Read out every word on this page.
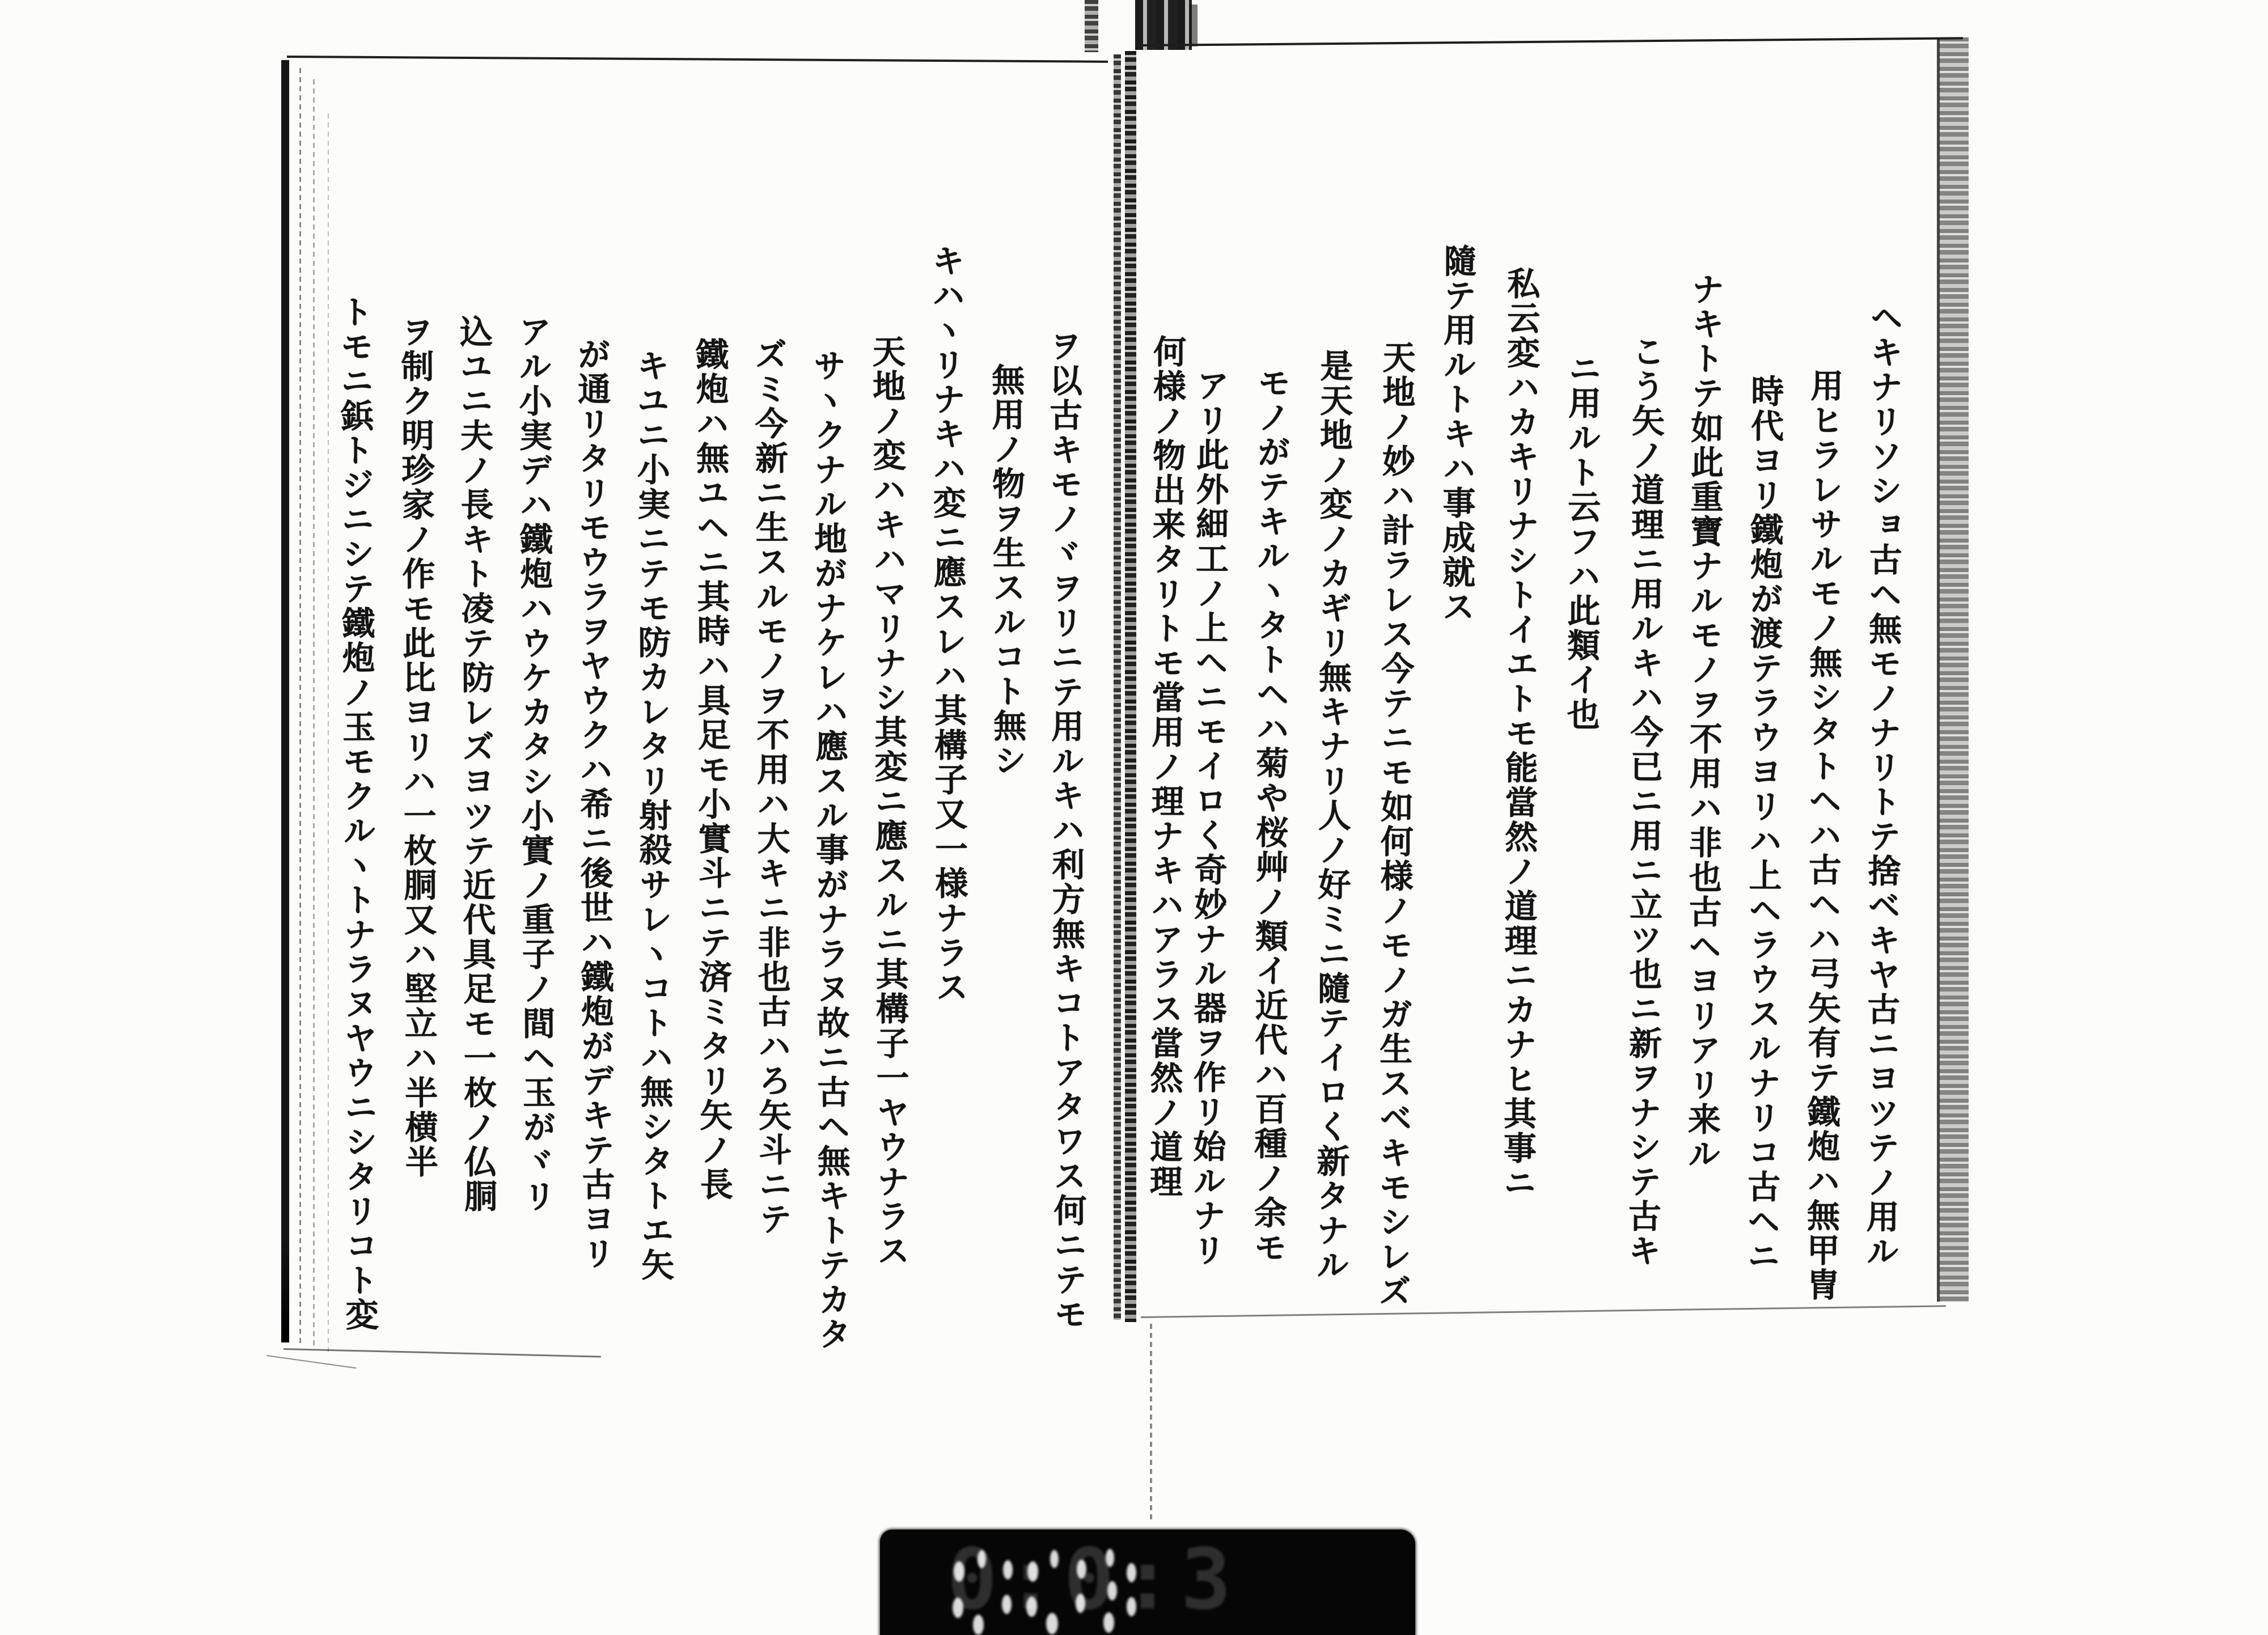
ヘキナリソショ古ヘ無モノナリトテ捨ベキヤ古ニヨツテノ用ル
用ヒラレサルモノ無シタトヘハ古ヘハ弓矢有テ鐵炮ハ無甲冑
時代ヨリ鐵炮が渡テラウヨリハ上ヘラウスルナリコ古ヘニ
ナキトテ如此重寶ナルモノヲ不用ハ非也古ヘヨリアリ来ル
こう矢ノ道理ニ用ルキハ今已ニ用ニ立ツ也ニ新ヲナシテ古キ
ニ用ルト云フハ此類イ也
私云変ハカキリナシトイエトモ能當然ノ道理ニカナヒ其事ニ
隨テ用ルトキハ事成就ス
天地ノ妙ハ計ラレス今テニモ如何様ノモノガ生スベキモシレズ
是天地ノ変ノカギリ無キナリ人ノ好ミニ隨テイロく新タナル
モノがテキルヽタトヘハ菊や桜艸ノ類イ近代ハ百種ノ余モ
アリ此外細工ノ上ヘニモイロく奇妙ナル器ヲ作リ始ルナリ
何様ノ物出来タリトモ當用ノ理ナキハアラス當然ノ道理
ヲ以古キモノヾヲリニテ用ルキハ利方無キコトアタワス何ニテモ
無用ノ物ヲ生スルコト無シ
キハヽリナキハ変ニ應スレハ其構子又一様ナラス
天地ノ変ハキハマリナシ其変ニ應スルニ其構子一ヤウナラス
サヽクナル地がナケレハ應スル事がナラヌ故ニ古ヘ無キトテカタ
ズミ今新ニ生スルモノヲ不用ハ大キニ非也古ハろ矢斗ニテ
鐵炮ハ無ユヘニ其時ハ具足モ小實斗ニテ済ミタリ矢ノ長
キユニ小実ニテモ防カレタリ射殺サレヽコトハ無シタトエ矢
が通リタリモウラヲヤウクハ希ニ後世ハ鐵炮がデキテ古ヨリ
アル小実デハ鐵炮ハウケカタシ小實ノ重子ノ間ヘ玉がヾリ
込ユニ夫ノ長キト凌テ防レズヨツテ近代具足モ一枚ノ仏胴
ヲ制ク明珍家ノ作モ此比ヨリハ一枚胴又ハ堅立ハ半横半
トモニ鋲トジニシテ鐵炮ノ玉モクルヽトナラヌヤウニシタリコト変
0:0:3
